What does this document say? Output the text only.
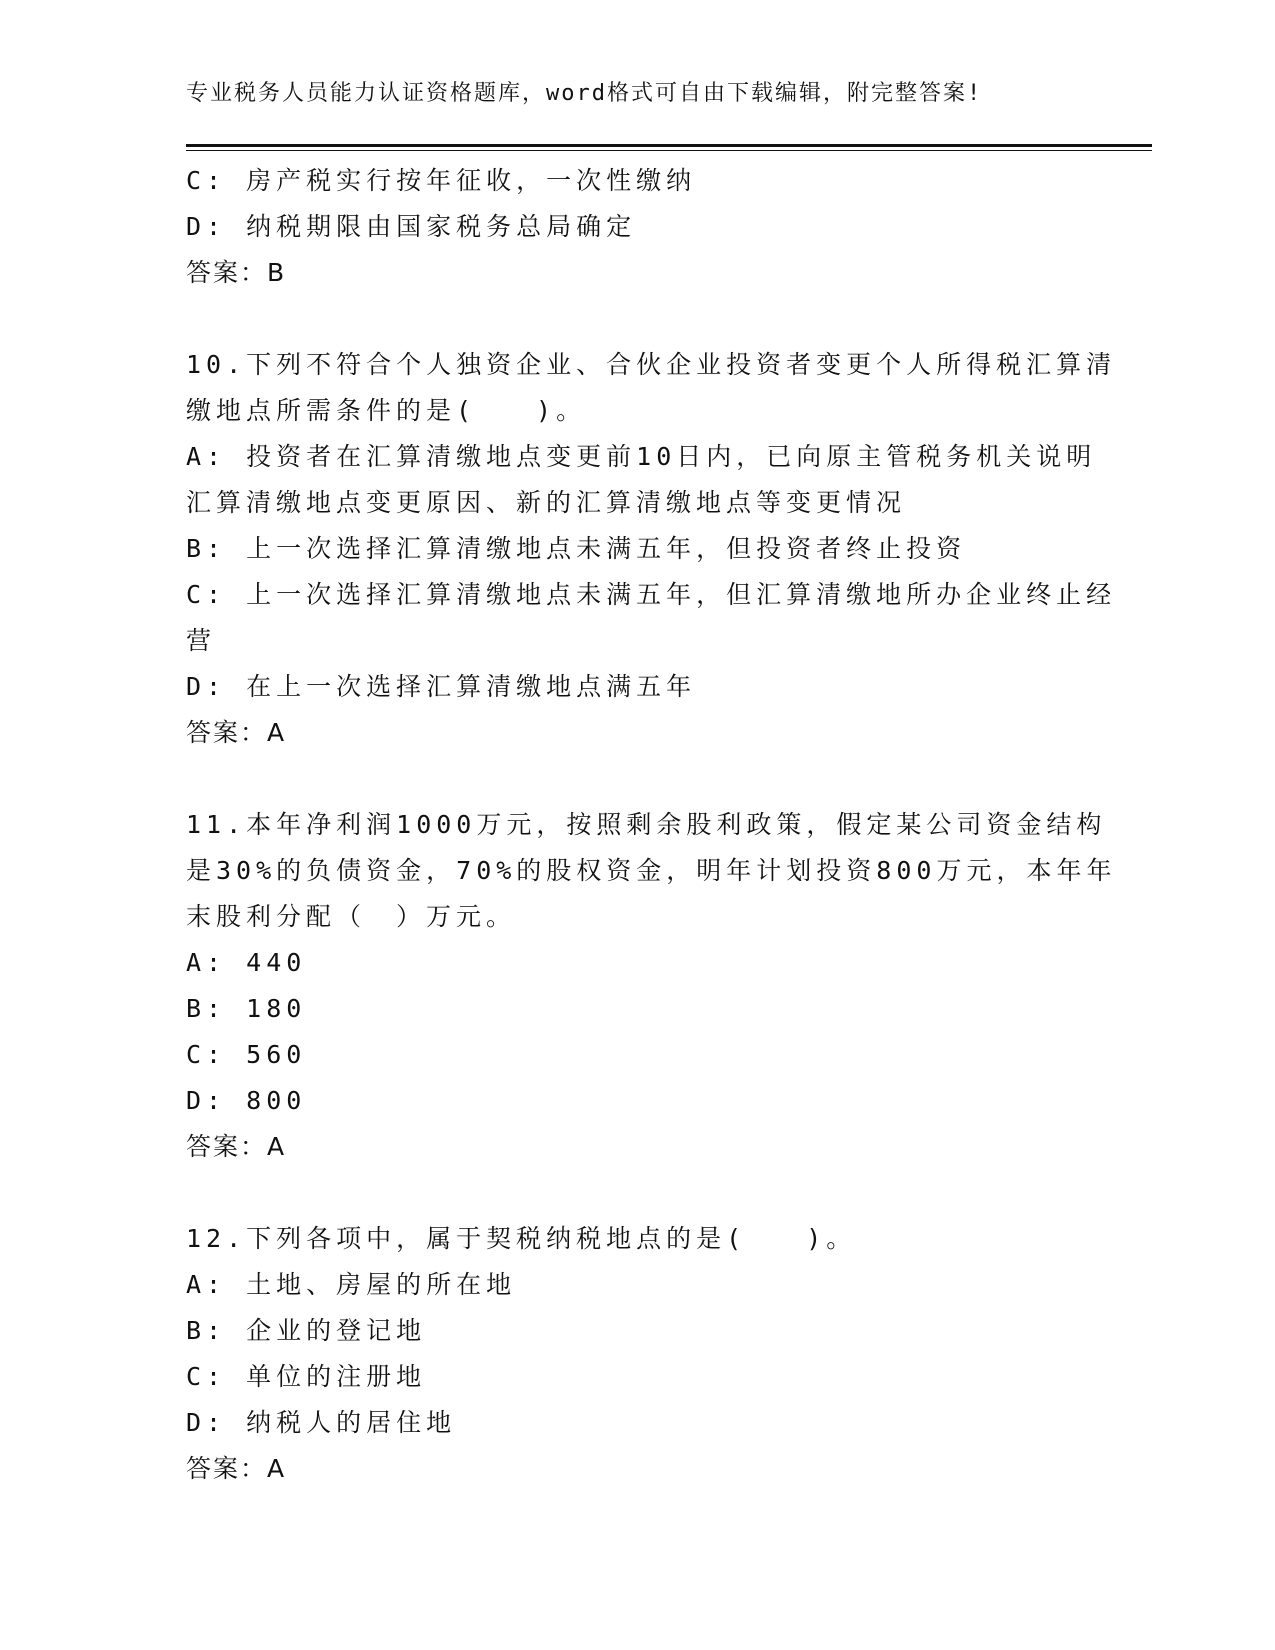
专业税务人员能力认证资格题库，word格式可自由下载编辑，附完整答案!
C: 房产税实行按年征收，一次性缴纳
D: 纳税期限由国家税务总局确定
答案：B
10.下列不符合个人独资企业、合伙企业投资者变更个人所得税汇算清
缴地点所需条件的是(　　)。
A: 投资者在汇算清缴地点变更前10日内，已向原主管税务机关说明
汇算清缴地点变更原因、新的汇算清缴地点等变更情况
B: 上一次选择汇算清缴地点未满五年，但投资者终止投资
C: 上一次选择汇算清缴地点未满五年，但汇算清缴地所办企业终止经
营
D: 在上一次选择汇算清缴地点满五年
答案：A
11.本年净利润1000万元，按照剩余股利政策，假定某公司资金结构
是30%的负债资金，70%的股权资金，明年计划投资800万元，本年年
末股利分配（　）万元。
A: 440
B: 180
C: 560
D: 800
答案：A
12.下列各项中，属于契税纳税地点的是(　　)。
A: 土地、房屋的所在地
B: 企业的登记地
C: 单位的注册地
D: 纳税人的居住地
答案：A
